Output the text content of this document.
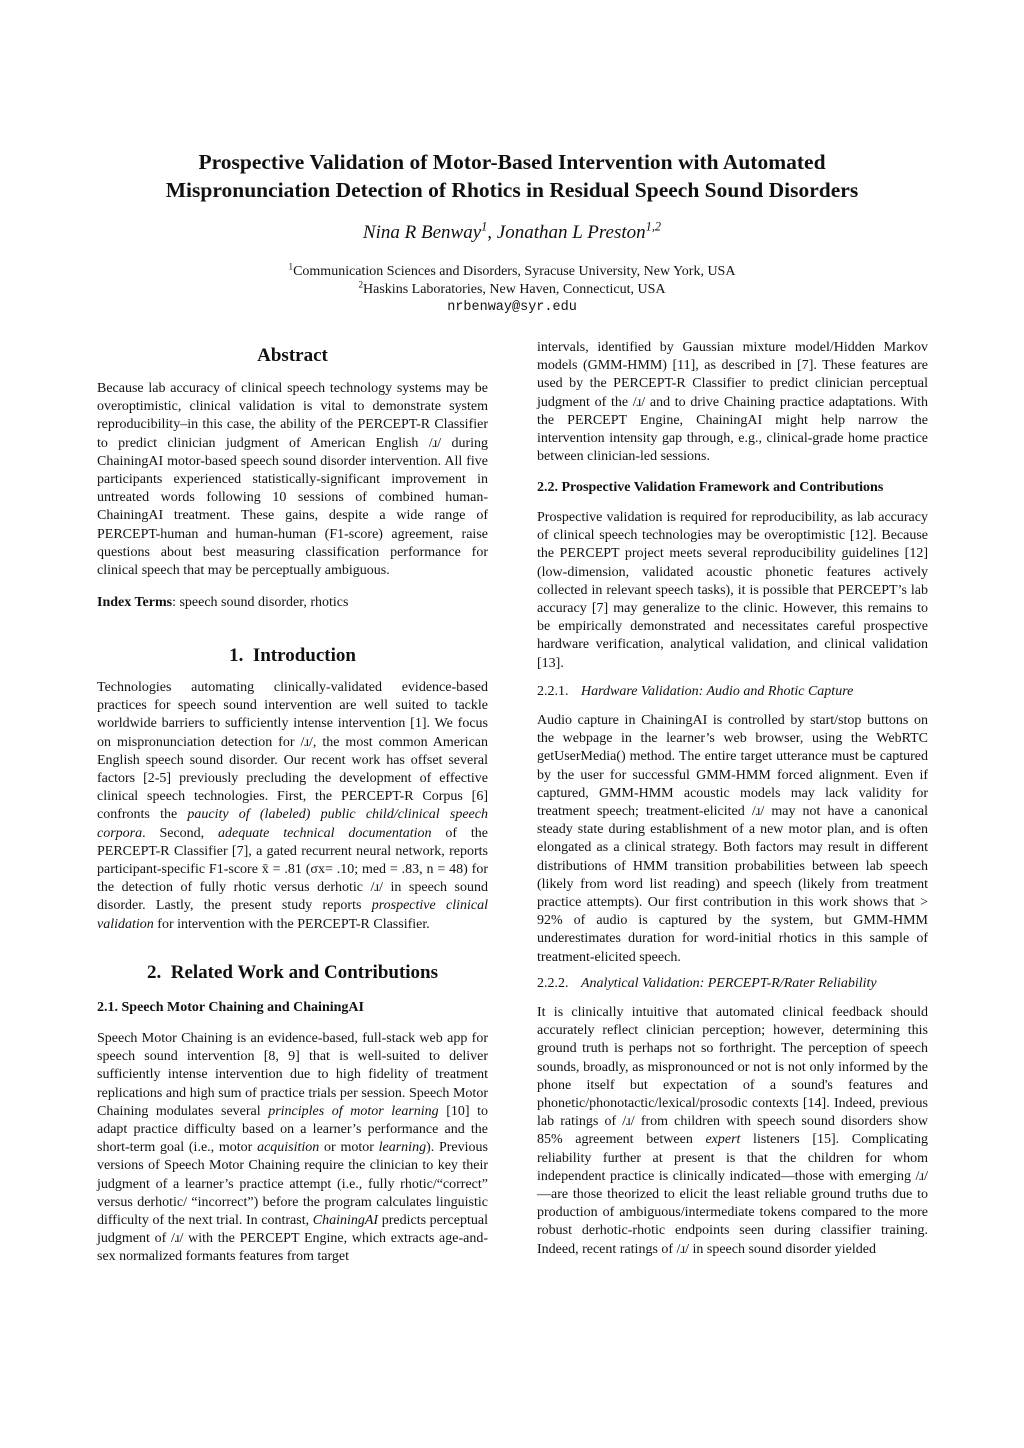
Prospective Validation of Motor-Based Intervention with Automated
Mispronunciation Detection of Rhotics in Residual Speech Sound Disorders
Nina R Benway$^1$, Jonathan L Preston$^{1,2}$
$^1$Communication Sciences and Disorders, Syracuse University, New York, USA
$^2$Haskins Laboratories, New Haven, Connecticut, USA
nrbenway@syr.edu
Abstract

Because lab accuracy of clinical speech technology systems may be overoptimistic, clinical validation is vital to demonstrate system reproducibility–in this case, the ability of the PERCEPT-R Classifier to predict clinician judgment of American English /ɹ/ during ChainingAI motor-based speech sound disorder intervention. All five participants experienced statistically-significant improvement in untreated words following 10 sessions of combined human-ChainingAI treatment. These gains, despite a wide range of PERCEPT-human and human-human (F1-score) agreement, raise questions about best measuring classification performance for clinical speech that may be perceptually ambiguous.

Index Terms: speech sound disorder, rhotics

1. Introduction

Technologies automating clinically-validated evidence-based practices for speech sound intervention are well suited to tackle worldwide barriers to sufficiently intense intervention [1]. We focus on mispronunciation detection for /ɹ/, the most common American English speech sound disorder. Our recent work has offset several factors [2-5] previously precluding the development of effective clinical speech technologies. First, the PERCEPT-R Corpus [6] confronts the paucity of (labeled) public child/clinical speech corpora. Second, adequate technical documentation of the PERCEPT-R Classifier [7], a gated recurrent neural network, reports participant-specific F1-score x̄ = .81 (σx= .10; med = .83, n = 48) for the detection of fully rhotic versus derhotic /ɹ/ in speech sound disorder. Lastly, the present study reports prospective clinical validation for intervention with the PERCEPT-R Classifier.

2. Related Work and Contributions
2.1. Speech Motor Chaining and ChainingAI

Speech Motor Chaining is an evidence-based, full-stack web app for speech sound intervention [8, 9] that is well-suited to deliver sufficiently intense intervention due to high fidelity of treatment replications and high sum of practice trials per session. Speech Motor Chaining modulates several principles of motor learning [10] to adapt practice difficulty based on a learner’s performance and the short-term goal (i.e., motor acquisition or motor learning). Previous versions of Speech Motor Chaining require the clinician to key their judgment of a learner’s practice attempt (i.e., fully rhotic/“correct” versus derhotic/ “incorrect”) before the program calculates linguistic difficulty of the next trial. In contrast, ChainingAI predicts perceptual judgment of /ɹ/ with the PERCEPT Engine, which extracts age-and-sex normalized formants features from target

intervals, identified by Gaussian mixture model/Hidden Markov models (GMM-HMM) [11], as described in [7]. These features are used by the PERCEPT-R Classifier to predict clinician perceptual judgment of the /ɹ/ and to drive Chaining practice adaptations. With the PERCEPT Engine, ChainingAI might help narrow the intervention intensity gap through, e.g., clinical-grade home practice between clinician-led sessions.

2.2. Prospective Validation Framework and Contributions

Prospective validation is required for reproducibility, as lab accuracy of clinical speech technologies may be overoptimistic [12]. Because the PERCEPT project meets several reproducibility guidelines [12] (low-dimension, validated acoustic phonetic features actively collected in relevant speech tasks), it is possible that PERCEPT’s lab accuracy [7] may generalize to the clinic. However, this remains to be empirically demonstrated and necessitates careful prospective hardware verification, analytical validation, and clinical validation [13].

2.2.1. Hardware Validation: Audio and Rhotic Capture

Audio capture in ChainingAI is controlled by start/stop buttons on the webpage in the learner’s web browser, using the WebRTC getUserMedia() method. The entire target utterance must be captured by the user for successful GMM-HMM forced alignment. Even if captured, GMM-HMM acoustic models may lack validity for treatment speech; treatment-elicited /ɹ/ may not have a canonical steady state during establishment of a new motor plan, and is often elongated as a clinical strategy. Both factors may result in different distributions of HMM transition probabilities between lab speech (likely from word list reading) and speech (likely from treatment practice attempts). Our first contribution in this work shows that > 92% of audio is captured by the system, but GMM-HMM underestimates duration for word-initial rhotics in this sample of treatment-elicited speech.

2.2.2. Analytical Validation: PERCEPT-R/Rater Reliability

It is clinically intuitive that automated clinical feedback should accurately reflect clinician perception; however, determining this ground truth is perhaps not so forthright. The perception of speech sounds, broadly, as mispronounced or not is not only informed by the phone itself but expectation of a sound's features and phonetic/phonotactic/lexical/prosodic contexts [14]. Indeed, previous lab ratings of /ɹ/ from children with speech sound disorders show 85% agreement between expert listeners [15]. Complicating reliability further at present is that the children for whom independent practice is clinically indicated—those with emerging /ɹ/—are those theorized to elicit the least reliable ground truths due to production of ambiguous/intermediate tokens compared to the more robust derhotic-rhotic endpoints seen during classifier training. Indeed, recent ratings of /ɹ/ in speech sound disorder yielded
